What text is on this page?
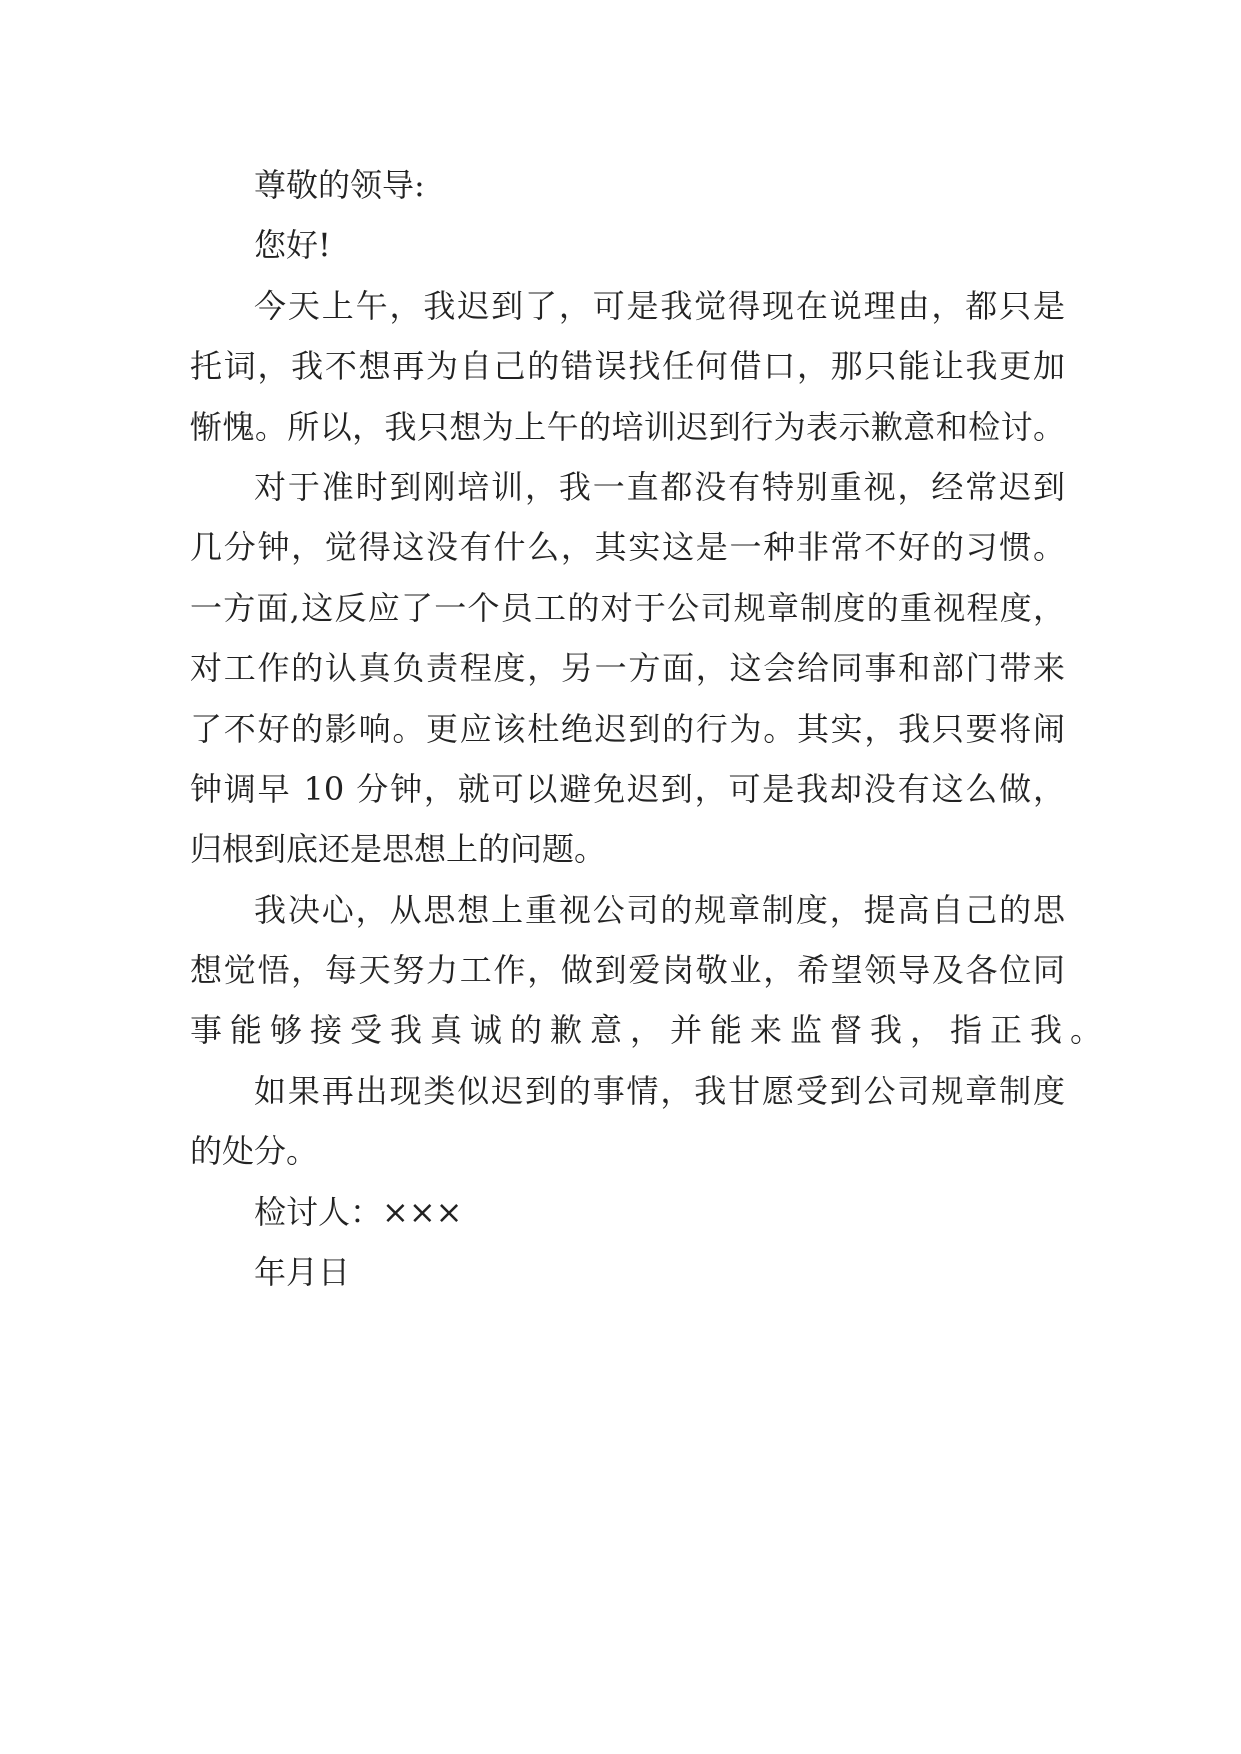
尊敬的领导:
您好!
今天上午，我迟到了，可是我觉得现在说理由，都只是
托词，我不想再为自己的错误找任何借口，那只能让我更加
惭愧。所以，我只想为上午的培训迟到行为表示歉意和检讨。
对于准时到刚培训，我一直都没有特别重视，经常迟到
几分钟，觉得这没有什么，其实这是一种非常不好的习惯。
一方面,这反应了一个员工的对于公司规章制度的重视程度，
对工作的认真负责程度，另一方面，这会给同事和部门带来
了不好的影响。更应该杜绝迟到的行为。其实，我只要将闹
钟调早 10 分钟，就可以避免迟到，可是我却没有这么做，
归根到底还是思想上的问题。
我决心，从思想上重视公司的规章制度，提高自己的思
想觉悟，每天努力工作，做到爱岗敬业，希望领导及各位同
事能够接受我真诚的歉意，并能来监督我，指正我。
如果再出现类似迟到的事情，我甘愿受到公司规章制度
的处分。
检讨人：×××
年月日
